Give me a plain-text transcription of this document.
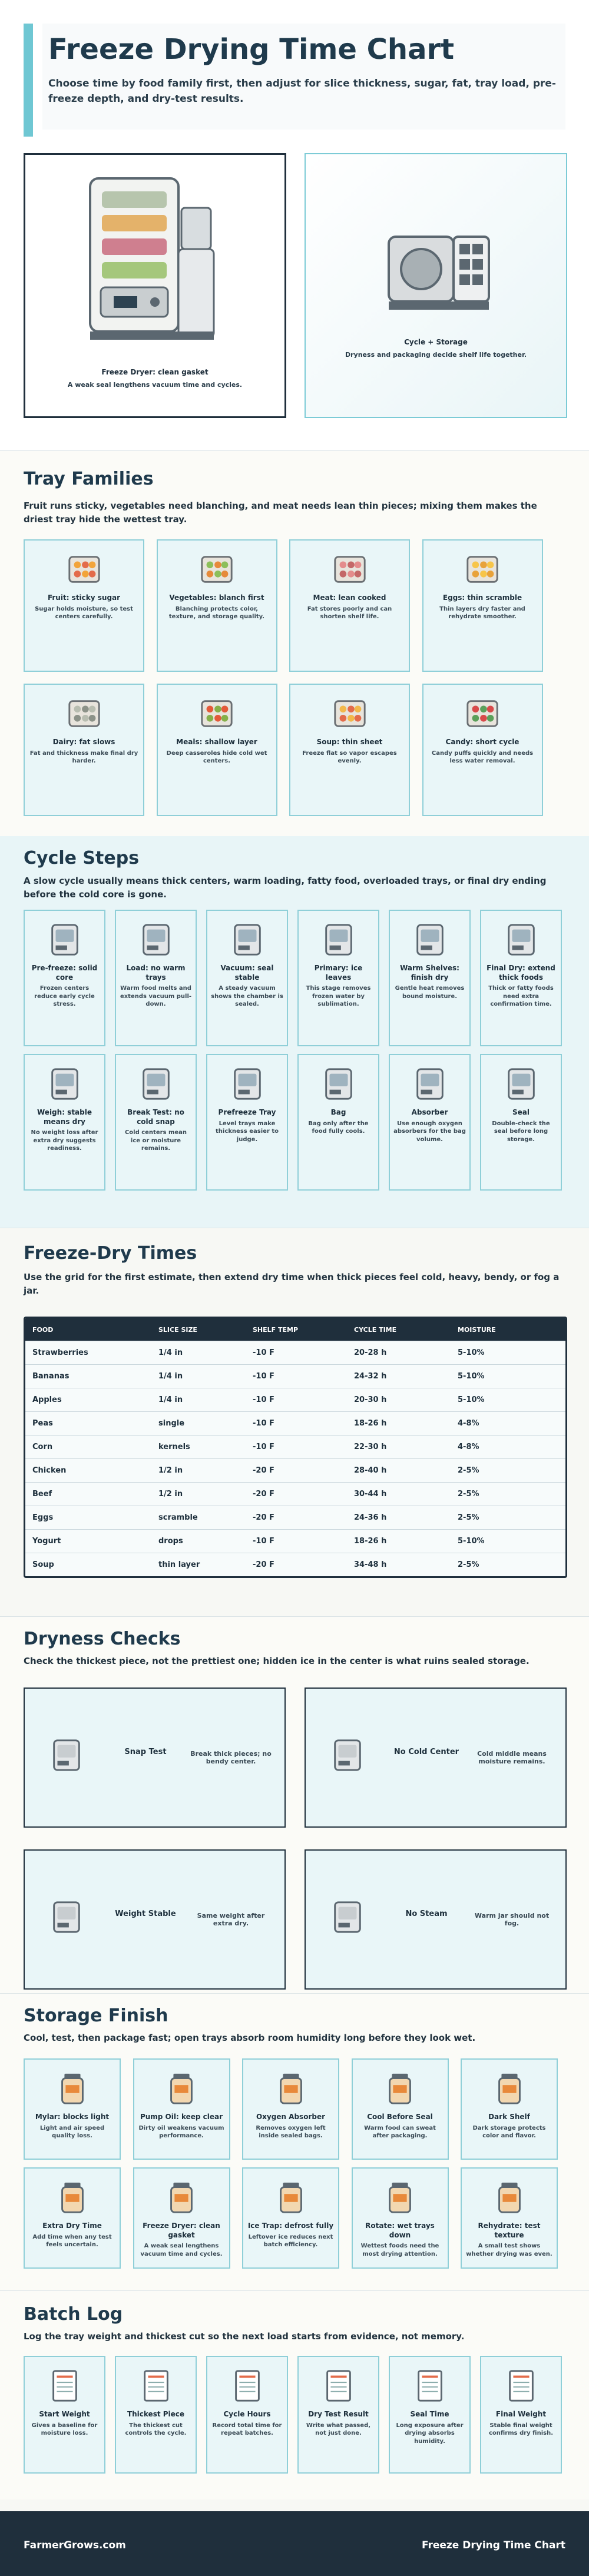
Freeze Drying Time Chart

Choose time by food family first, then adjust for slice thickness, sugar, fat, tray load, pre-freeze depth, and dry-test results.

Freeze Dryer: clean gasket
A weak seal lengthens vacuum time and cycles.
Cycle + Storage
Dryness and packaging decide shelf life together.
Tray Families

Fruit runs sticky, vegetables need blanching, and meat needs lean thin pieces; mixing them makes the driest tray hide the wettest tray.

Fruit: sticky sugar
Sugar holds moisture, so test centers carefully.
Vegetables: blanch first
Blanching protects color, texture, and storage quality.
Meat: lean cooked
Fat stores poorly and can shorten shelf life.
Eggs: thin scramble
Thin layers dry faster and rehydrate smoother.
Dairy: fat slows
Fat and thickness make final dry harder.
Meals: shallow layer
Deep casseroles hide cold wet centers.
Soup: thin sheet
Freeze flat so vapor escapes evenly.
Candy: short cycle
Candy puffs quickly and needs less water removal.
Cycle Steps

A slow cycle usually means thick centers, warm loading, fatty food, overloaded trays, or final dry ending before the cold core is gone.

Pre-freeze: solid core
Frozen centers reduce early cycle stress.
Load: no warm trays
Warm food melts and extends vacuum pull-down.
Vacuum: seal stable
A steady vacuum shows the chamber is sealed.
Primary: ice leaves
This stage removes frozen water by sublimation.
Warm Shelves: finish dry
Gentle heat removes bound moisture.
Final Dry: extend thick foods
Thick or fatty foods need extra confirmation time.
Weigh: stable means dry
No weight loss after extra dry suggests readiness.
Break Test: no cold snap
Cold centers mean ice or moisture remains.
Prefreeze Tray
Level trays make thickness easier to judge.
Bag
Bag only after the food fully cools.
Absorber
Use enough oxygen absorbers for the bag volume.
Seal
Double-check the seal before long storage.
Freeze-Dry Times

Use the grid for the first estimate, then extend dry time when thick pieces feel cold, heavy, bendy, or fog a jar.

FOOD	SLICE SIZE	SHELF TEMP	CYCLE TIME	MOISTURE
Strawberries	1/4 in	-10 F	20-28 h	5-10%
Bananas	1/4 in	-10 F	24-32 h	5-10%
Apples	1/4 in	-10 F	20-30 h	5-10%
Peas	single	-10 F	18-26 h	4-8%
Corn	kernels	-10 F	22-30 h	4-8%
Chicken	1/2 in	-20 F	28-40 h	2-5%
Beef	1/2 in	-20 F	30-44 h	2-5%
Eggs	scramble	-20 F	24-36 h	2-5%
Yogurt	drops	-10 F	18-26 h	5-10%
Soup	thin layer	-20 F	34-48 h	2-5%
Dryness Checks

Check the thickest piece, not the prettiest one; hidden ice in the center is what ruins sealed storage.

Snap Test	Break thick pieces; no bendy center.
No Cold Center	Cold middle means moisture remains.
Weight Stable	Same weight after extra dry.
No Steam	Warm jar should not fog.
Storage Finish

Cool, test, then package fast; open trays absorb room humidity long before they look wet.

Mylar: blocks light
Light and air speed quality loss.
Pump Oil: keep clear
Dirty oil weakens vacuum performance.
Oxygen Absorber
Removes oxygen left inside sealed bags.
Cool Before Seal
Warm food can sweat after packaging.
Dark Shelf
Dark storage protects color and flavor.
Extra Dry Time
Add time when any test feels uncertain.
Freeze Dryer: clean gasket
A weak seal lengthens vacuum time and cycles.
Ice Trap: defrost fully
Leftover ice reduces next batch efficiency.
Rotate: wet trays down
Wettest foods need the most drying attention.
Rehydrate: test texture
A small test shows whether drying was even.
Batch Log

Log the tray weight and thickest cut so the next load starts from evidence, not memory.

Start Weight
Gives a baseline for moisture loss.
Thickest Piece
The thickest cut controls the cycle.
Cycle Hours
Record total time for repeat batches.
Dry Test Result
Write what passed, not just done.
Seal Time
Long exposure after drying absorbs humidity.
Final Weight
Stable final weight confirms dry finish.
FarmerGrows.com	Freeze Drying Time Chart
